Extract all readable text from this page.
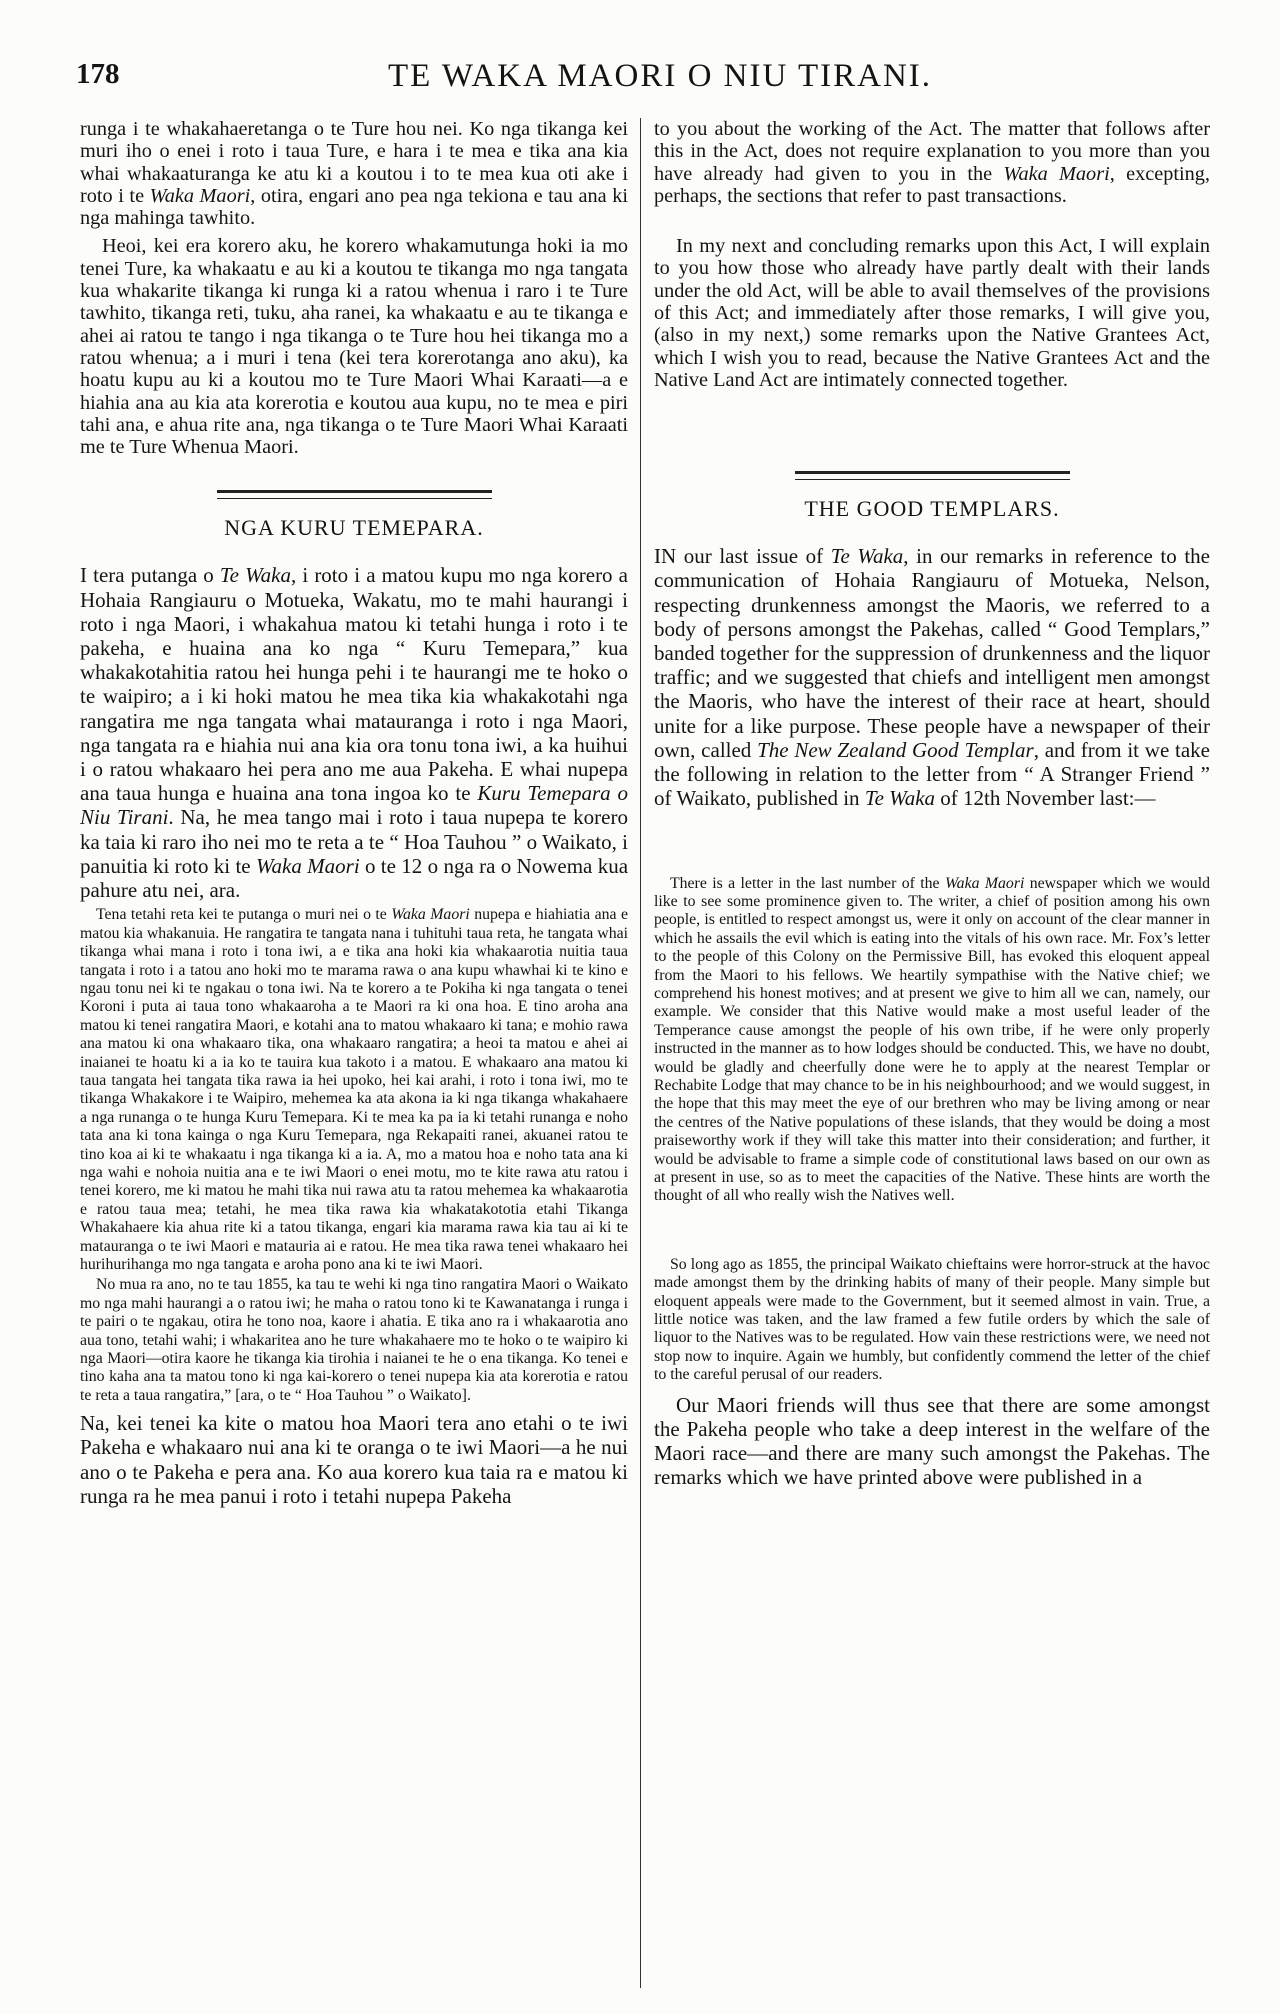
178	TE WAKA MAORI O NIU TIRANI.

runga i te whakahaeretanga o te Ture hou nei. Ko nga tikanga kei muri iho o enei i roto i taua Ture, e hara i te mea e tika ana kia whai whakaaturanga ke atu ki a koutou i to te mea kua oti ake i roto i te Waka Maori, otira, engari ano pea nga tekiona e tau ana ki nga mahinga tawhito.

Heoi, kei era korero aku, he korero whakamutunga hoki ia mo tenei Ture, ka whakaatu e au ki a koutou te tikanga mo nga tangata kua whakarite tikanga ki runga ki a ratou whenua i raro i te Ture tawhito, tikanga reti, tuku, aha ranei, ka whakaatu e au te tikanga e ahei ai ratou te tango i nga tikanga o te Ture hou hei tikanga mo a ratou whenua; a i muri i tena (kei tera korerotanga ano aku), ka hoatu kupu au ki a koutou mo te Ture Maori Whai Karaati—a e hiahia ana au kia ata korerotia e koutou aua kupu, no te mea e piri tahi ana, e ahua rite ana, nga tikanga o te Ture Maori Whai Karaati me te Ture Whenua Maori.

NGA KURU TEMEPARA.

I tera putanga o Te Waka, i roto i a matou kupu mo nga korero a Hohaia Rangiauru o Motueka, Wakatu, mo te mahi haurangi i roto i nga Maori, i whakahua matou ki tetahi hunga i roto i te pakeha, e huaina ana ko nga “ Kuru Temepara,” kua whakakotahitia ratou hei hunga pehi i te haurangi me te hoko o te waipiro; a i ki hoki matou he mea tika kia whakakotahi nga rangatira me nga tangata whai matauranga i roto i nga Maori, nga tangata ra e hiahia nui ana kia ora tonu tona iwi, a ka huihui i o ratou whakaaro hei pera ano me aua Pakeha. E whai nupepa ana taua hunga e huaina ana tona ingoa ko te Kuru Temepara o Niu Tirani. Na, he mea tango mai i roto i taua nupepa te korero ka taia ki raro iho nei mo te reta a te “ Hoa Tauhou ” o Waikato, i panuitia ki roto ki te Waka Maori o te 12 o nga ra o Nowema kua pahure atu nei, ara.

Tena tetahi reta kei te putanga o muri nei o te Waka Maori nupepa e hiahiatia ana e matou kia whakanuia. He rangatira te tangata nana i tuhituhi taua reta, he tangata whai tikanga whai mana i roto i tona iwi, a e tika ana hoki kia whakaarotia nuitia taua tangata i roto i a tatou ano hoki mo te marama rawa o ana kupu whawhai ki te kino e ngau tonu nei ki te ngakau o tona iwi. Na te korero a te Pokiha ki nga tangata o tenei Koroni i puta ai taua tono whakaaroha a te Maori ra ki ona hoa. E tino aroha ana matou ki tenei rangatira Maori, e kotahi ana to matou whakaaro ki tana; e mohio rawa ana matou ki ona whakaaro tika, ona whakaaro rangatira; a heoi ta matou e ahei ai inaianei te hoatu ki a ia ko te tauira kua takoto i a matou. E whakaaro ana matou ki taua tangata hei tangata tika rawa ia hei upoko, hei kai arahi, i roto i tona iwi, mo te tikanga Whakakore i te Waipiro, mehemea ka ata akona ia ki nga tikanga whakahaere a nga runanga o te hunga Kuru Temepara. Ki te mea ka pa ia ki tetahi runanga e noho tata ana ki tona kainga o nga Kuru Temepara, nga Rekapaiti ranei, akuanei ratou te tino koa ai ki te whakaatu i nga tikanga ki a ia. A, mo a matou hoa e noho tata ana ki nga wahi e nohoia nuitia ana e te iwi Maori o enei motu, mo te kite rawa atu ratou i tenei korero, me ki matou he mahi tika nui rawa atu ta ratou mehemea ka whakaarotia e ratou taua mea; tetahi, he mea tika rawa kia whakatakototia etahi Tikanga Whakahaere kia ahua rite ki a tatou tikanga, engari kia marama rawa kia tau ai ki te matauranga o te iwi Maori e matauria ai e ratou. He mea tika rawa tenei whakaaro hei hurihurihanga mo nga tangata e aroha pono ana ki te iwi Maori.

No mua ra ano, no te tau 1855, ka tau te wehi ki nga tino rangatira Maori o Waikato mo nga mahi haurangi a o ratou iwi; he maha o ratou tono ki te Kawanatanga i runga i te pairi o te ngakau, otira he tono noa, kaore i ahatia. E tika ano ra i whakaarotia ano aua tono, tetahi wahi; i whakaritea ano he ture whakahaere mo te hoko o te waipiro ki nga Maori—otira kaore he tikanga kia tirohia i naianei te he o ena tikanga. Ko tenei e tino kaha ana ta matou tono ki nga kai-korero o tenei nupepa kia ata korerotia e ratou te reta a taua rangatira,” [ara, o te “ Hoa Tauhou ” o Waikato].

Na, kei tenei ka kite o matou hoa Maori tera ano etahi o te iwi Pakeha e whakaaro nui ana ki te oranga o te iwi Maori—a he nui ano o te Pakeha e pera ana. Ko aua korero kua taia ra e matou ki runga ra he mea panui i roto i tetahi nupepa Pakeha

to you about the working of the Act. The matter that follows after this in the Act, does not require explanation to you more than you have already had given to you in the Waka Maori, excepting, perhaps, the sections that refer to past transactions.

In my next and concluding remarks upon this Act, I will explain to you how those who already have partly dealt with their lands under the old Act, will be able to avail themselves of the provisions of this Act; and immediately after those remarks, I will give you, (also in my next,) some remarks upon the Native Grantees Act, which I wish you to read, because the Native Grantees Act and the Native Land Act are intimately connected together.

THE GOOD TEMPLARS.

IN our last issue of Te Waka, in our remarks in reference to the communication of Hohaia Rangiauru of Motueka, Nelson, respecting drunkenness amongst the Maoris, we referred to a body of persons amongst the Pakehas, called “ Good Templars,” banded together for the suppression of drunkenness and the liquor traffic; and we suggested that chiefs and intelligent men amongst the Maoris, who have the interest of their race at heart, should unite for a like purpose. These people have a newspaper of their own, called The New Zealand Good Templar, and from it we take the following in relation to the letter from “ A Stranger Friend ” of Waikato, published in Te Waka of 12th November last:—

There is a letter in the last number of the Waka Maori newspaper which we would like to see some prominence given to. The writer, a chief of position among his own people, is entitled to respect amongst us, were it only on account of the clear manner in which he assails the evil which is eating into the vitals of his own race. Mr. Fox’s letter to the people of this Colony on the Permissive Bill, has evoked this eloquent appeal from the Maori to his fellows. We heartily sympathise with the Native chief; we comprehend his honest motives; and at present we give to him all we can, namely, our example. We consider that this Native would make a most useful leader of the Temperance cause amongst the people of his own tribe, if he were only properly instructed in the manner as to how lodges should be conducted. This, we have no doubt, would be gladly and cheerfully done were he to apply at the nearest Templar or Rechabite Lodge that may chance to be in his neighbourhood; and we would suggest, in the hope that this may meet the eye of our brethren who may be living among or near the centres of the Native populations of these islands, that they would be doing a most praiseworthy work if they will take this matter into their consideration; and further, it would be advisable to frame a simple code of constitutional laws based on our own as at present in use, so as to meet the capacities of the Native. These hints are worth the thought of all who really wish the Natives well.

So long ago as 1855, the principal Waikato chieftains were horror-struck at the havoc made amongst them by the drinking habits of many of their people. Many simple but eloquent appeals were made to the Government, but it seemed almost in vain. True, a little notice was taken, and the law framed a few futile orders by which the sale of liquor to the Natives was to be regulated. How vain these restrictions were, we need not stop now to inquire. Again we humbly, but confidently commend the letter of the chief to the careful perusal of our readers.

Our Maori friends will thus see that there are some amongst the Pakeha people who take a deep interest in the welfare of the Maori race—and there are many such amongst the Pakehas. The remarks which we have printed above were published in a
